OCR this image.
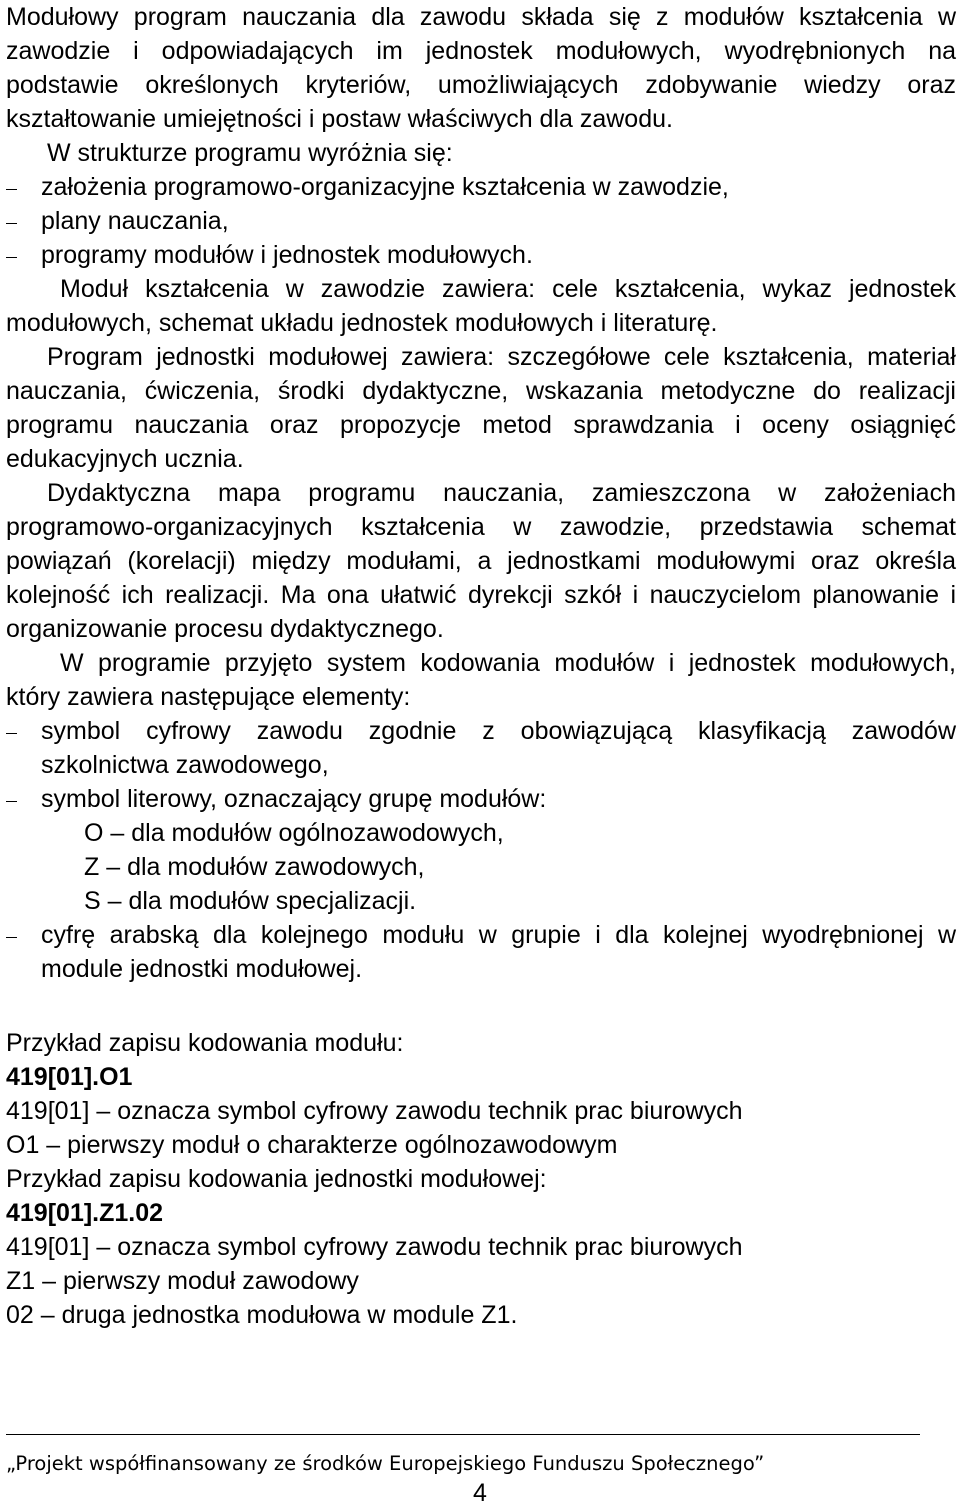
Modułowy program nauczania dla zawodu składa się z modułów kształcenia w zawodzie i odpowiadających im jednostek modułowych, wyodrębnionych na podstawie określonych kryteriów, umożliwiających zdobywanie wiedzy oraz kształtowanie umiejętności i postaw właściwych dla zawodu.

W strukturze programu wyróżnia się:

założenia programowo-organizacyjne kształcenia w zawodzie,
plany nauczania,
programy modułów i jednostek modułowych.

Moduł kształcenia w zawodzie zawiera: cele kształcenia, wykaz jednostek modułowych, schemat układu jednostek modułowych i literaturę.

Program jednostki modułowej zawiera: szczegółowe cele kształcenia, materiał nauczania, ćwiczenia, środki dydaktyczne, wskazania metodyczne do realizacji programu nauczania oraz propozycje metod sprawdzania i oceny osiągnięć edukacyjnych ucznia.

Dydaktyczna mapa programu nauczania, zamieszczona w założeniach programowo-organizacyjnych kształcenia w zawodzie, przedstawia schemat powiązań (korelacji) między modułami, a jednostkami modułowymi oraz określa kolejność ich realizacji. Ma ona ułatwić dyrekcji szkół i nauczycielom planowanie i organizowanie procesu dydaktycznego.

W programie przyjęto system kodowania modułów i jednostek modułowych, który zawiera następujące elementy:

symbol cyfrowy zawodu zgodnie z obowiązującą klasyfikacją zawodów szkolnictwa zawodowego,
symbol literowy, oznaczający grupę modułów:
O – dla modułów ogólnozawodowych,
Z – dla modułów zawodowych,
S – dla modułów specjalizacji.
cyfrę arabską dla kolejnego modułu w grupie i dla kolejnej wyodrębnionej w module jednostki modułowej.
Przykład zapisu kodowania modułu:
419[01].O1
419[01] – oznacza symbol cyfrowy zawodu technik prac biurowych
O1 – pierwszy moduł o charakterze ogólnozawodowym
Przykład zapisu kodowania jednostki modułowej:
419[01].Z1.02
419[01] – oznacza symbol cyfrowy zawodu technik prac biurowych
Z1 – pierwszy moduł zawodowy
02 – druga jednostka modułowa w module Z1.
„Projekt współfinansowany ze środków Europejskiego Funduszu Społecznego”
4
